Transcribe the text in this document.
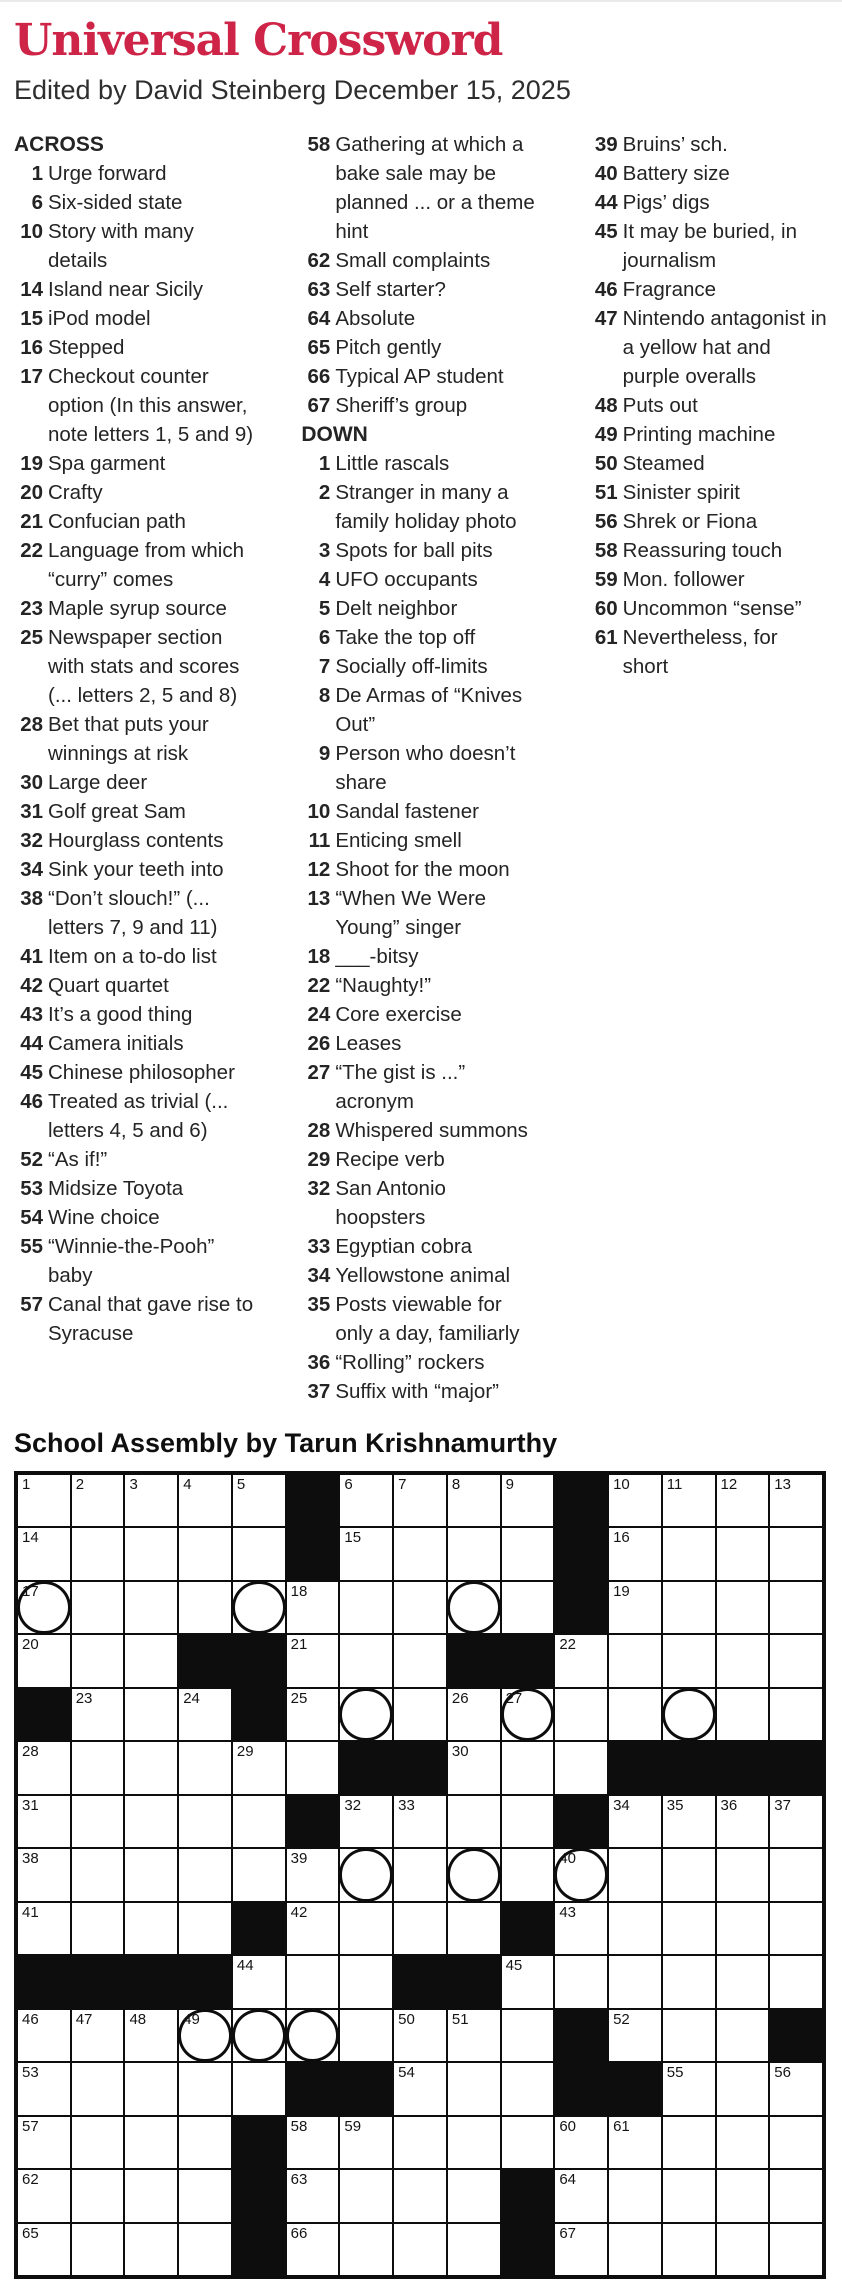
Universal Crossword
Edited by David Steinberg December 15, 2025
ACROSS
1 Urge forward
6 Six-sided state
10 Story with many details
14 Island near Sicily
15 iPod model
16 Stepped
17 Checkout counter option (In this answer, note letters 1, 5 and 9)
19 Spa garment
20 Crafty
21 Confucian path
22 Language from which “curry” comes
23 Maple syrup source
25 Newspaper section with stats and scores (... letters 2, 5 and 8)
28 Bet that puts your winnings at risk
30 Large deer
31 Golf great Sam
32 Hourglass contents
34 Sink your teeth into
38 “Don’t slouch!” (... letters 7, 9 and 11)
41 Item on a to-do list
42 Quart quartet
43 It’s a good thing
44 Camera initials
45 Chinese philosopher
46 Treated as trivial (... letters 4, 5 and 6)
52 “As if!”
53 Midsize Toyota
54 Wine choice
55 “Winnie-the-Pooh” baby
57 Canal that gave rise to Syracuse
58 Gathering at which a bake sale may be planned ... or a theme hint
62 Small complaints
63 Self starter?
64 Absolute
65 Pitch gently
66 Typical AP student
67 Sheriff’s group
DOWN
1 Little rascals
2 Stranger in many a family holiday photo
3 Spots for ball pits
4 UFO occupants
5 Delt neighbor
6 Take the top off
7 Socially off-limits
8 De Armas of “Knives Out”
9 Person who doesn’t share
10 Sandal fastener
11 Enticing smell
12 Shoot for the moon
13 “When We Were Young” singer
18 ___-bitsy
22 “Naughty!”
24 Core exercise
26 Leases
27 “The gist is ...” acronym
28 Whispered summons
29 Recipe verb
32 San Antonio hoopsters
33 Egyptian cobra
34 Yellowstone animal
35 Posts viewable for only a day, familiarly
36 “Rolling” rockers
37 Suffix with “major”
39 Bruins’ sch.
40 Battery size
44 Pigs’ digs
45 It may be buried, in journalism
46 Fragrance
47 Nintendo antagonist in a yellow hat and purple overalls
48 Puts out
49 Printing machine
50 Steamed
51 Sinister spirit
56 Shrek or Fiona
58 Reassuring touch
59 Mon. follower
60 Uncommon “sense”
61 Nevertheless, for short
School Assembly by Tarun Krishnamurthy
1	2	3	4	5	6	7	8	9	10 11	12 13
14	15	16
17	18	19
20	21	22
23	24	25	26 27
28	29	30
31	32 33	34 35 36 37
38	39	40
41	42	43
44	45
46 47 48 49	50 51	52
53	54	55	56
57	58 59	60 61
62	63	64
65	66	67
